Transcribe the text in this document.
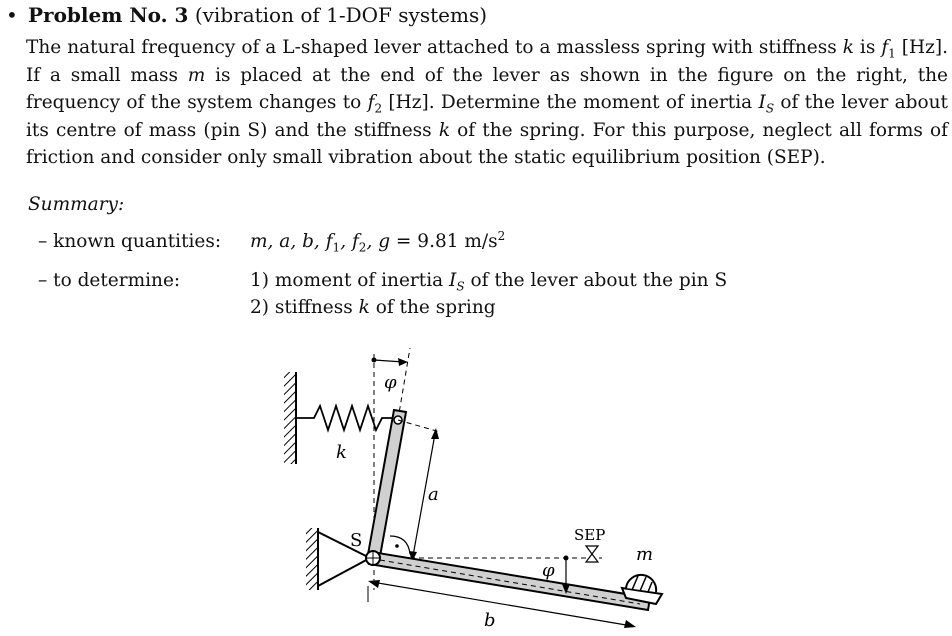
• Problem No. 3 (vibration of 1-DOF systems)

The natural frequency of a L-shaped lever attached to a massless spring with stiffness k is $f_1$ [Hz]. If a small mass m is placed at the end of the lever as shown in the figure on the right, the frequency of the system changes to $f_2$ [Hz]. Determine the moment of inertia $I_S$ of the lever about its centre of mass (pin S) and the stiffness k of the spring. For this purpose, neglect all forms of friction and consider only small vibration about the static equilibrium position (SEP).

Summary:
– known quantities: m, a, b, $f_1$, $f_2$, g = 9.81 $m/s^2$
– to determine:	1) moment of inertia $I_S$ of the lever about the pin S
2) stiffness k of the spring
k
φ
a
S
φ
SEP
m
b
